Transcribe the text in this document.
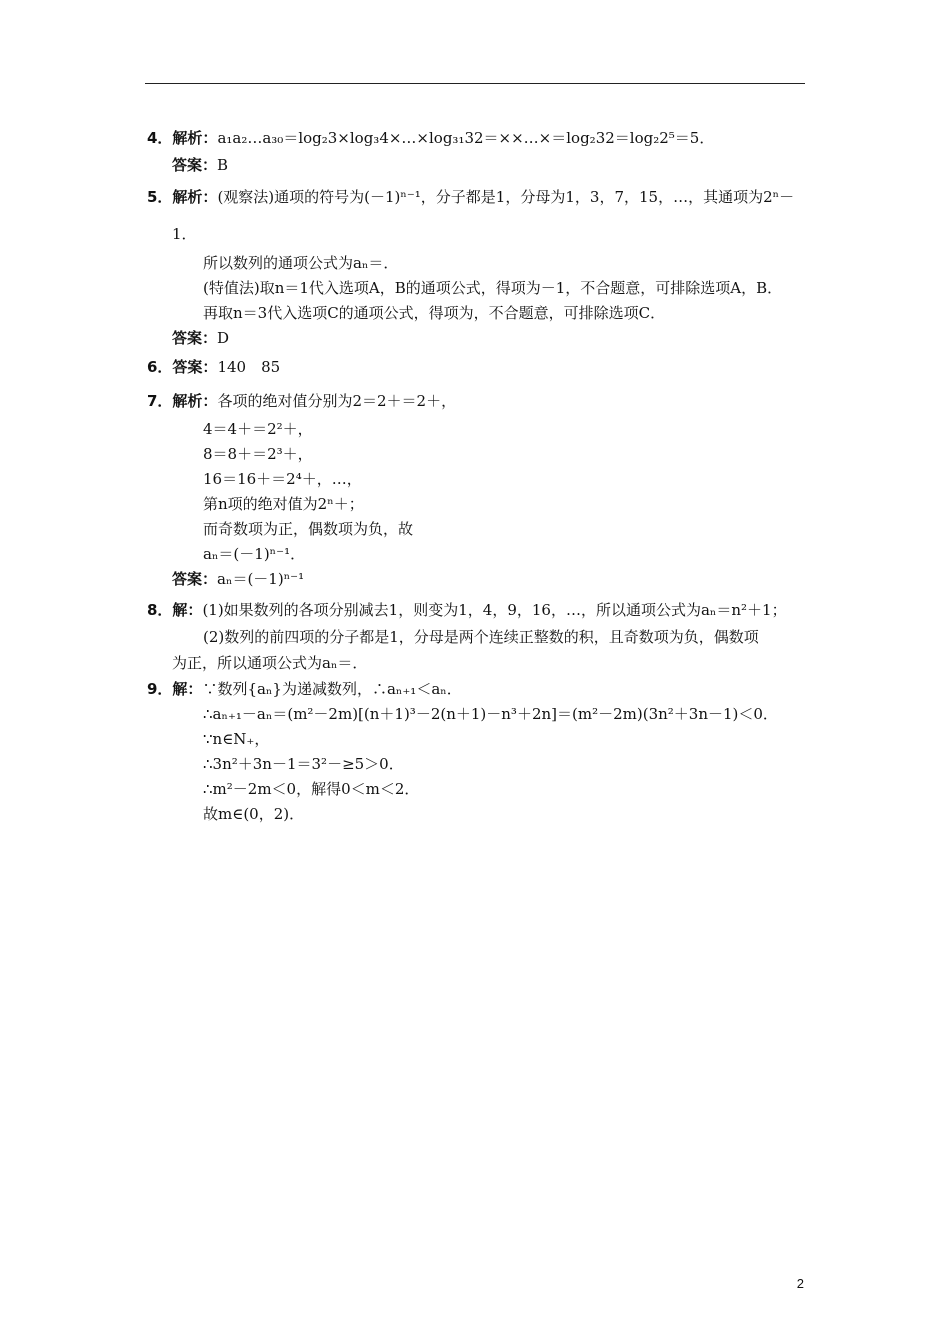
4．解析：a₁a₂…a₃₀＝log₂3×log₃4×…×log₃₁32＝××…×＝log₂32＝log₂2⁵＝5．
答案：B
5．解析：(观察法)通项的符号为(－1)ⁿ⁻¹，分子都是1，分母为1，3，7，15，…，其通项为2ⁿ－
1．
所以数列的通项公式为aₙ＝．
(特值法)取n＝1代入选项A，B的通项公式，得项为－1，不合题意，可排除选项A，B．
再取n＝3代入选项C的通项公式，得项为，不合题意，可排除选项C．
答案：D
6．答案：140　85
7．解析：各项的绝对值分别为2＝2＋＝2＋，
4＝4＋＝2²＋，
8＝8＋＝2³＋，
16＝16＋＝2⁴＋，…，
第n项的绝对值为2ⁿ＋；
而奇数项为正，偶数项为负，故
aₙ＝(－1)ⁿ⁻¹．
答案：aₙ＝(－1)ⁿ⁻¹
8．解：(1)如果数列的各项分别减去1，则变为1，4，9，16，…，所以通项公式为aₙ＝n²＋1；
(2)数列的前四项的分子都是1，分母是两个连续正整数的积，且奇数项为负，偶数项
为正，所以通项公式为aₙ＝．
9．解：∵数列{aₙ}为递减数列，∴aₙ₊₁＜aₙ．
∴aₙ₊₁－aₙ＝(m²－2m)[(n＋1)³－2(n＋1)－n³＋2n]＝(m²－2m)(3n²＋3n－1)＜0．
∵n∈N₊，
∴3n²＋3n－1＝3²－≥5＞0．
∴m²－2m＜0，解得0＜m＜2．
故m∈(0，2)．
2
